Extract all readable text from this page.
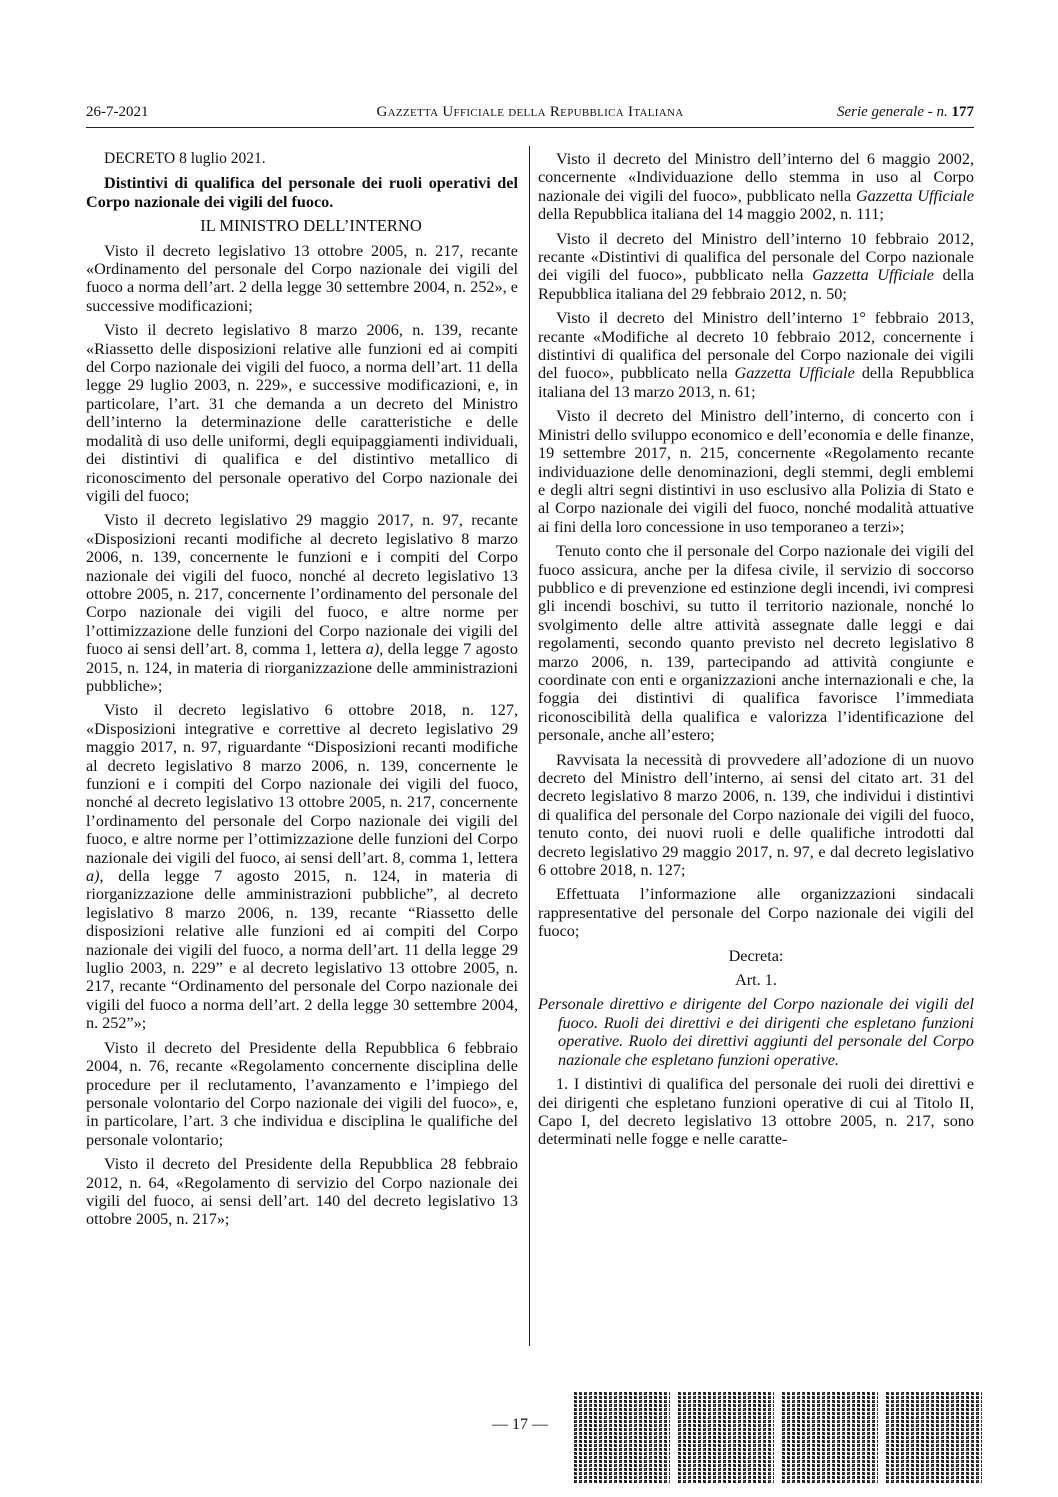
26-7-2021	Gazzetta Ufficiale della Repubblica Italiana	Serie generale - n. 177

DECRETO 8 luglio 2021.

Distintivi di qualifica del personale dei ruoli operativi del Corpo nazionale dei vigili del fuoco.

IL MINISTRO DELL’INTERNO

Visto il decreto legislativo 13 ottobre 2005, n. 217, recante «Ordinamento del personale del Corpo nazionale dei vigili del fuoco a norma dell’art. 2 della legge 30 settembre 2004, n. 252», e successive modificazioni;

Visto il decreto legislativo 8 marzo 2006, n. 139, recante «Riassetto delle disposizioni relative alle funzioni ed ai compiti del Corpo nazionale dei vigili del fuoco, a norma dell’art. 11 della legge 29 luglio 2003, n. 229», e successive modificazioni, e, in particolare, l’art. 31 che demanda a un decreto del Ministro dell’interno la determinazione delle caratteristiche e delle modalità di uso delle uniformi, degli equipaggiamenti individuali, dei distintivi di qualifica e del distintivo metallico di riconoscimento del personale operativo del Corpo nazionale dei vigili del fuoco;

Visto il decreto legislativo 29 maggio 2017, n. 97, recante «Disposizioni recanti modifiche al decreto legislativo 8 marzo 2006, n. 139, concernente le funzioni e i compiti del Corpo nazionale dei vigili del fuoco, nonché al decreto legislativo 13 ottobre 2005, n. 217, concernente l’ordinamento del personale del Corpo nazionale dei vigili del fuoco, e altre norme per l’ottimizzazione delle funzioni del Corpo nazionale dei vigili del fuoco ai sensi dell’art. 8, comma 1, lettera a), della legge 7 agosto 2015, n. 124, in materia di riorganizzazione delle amministrazioni pubbliche»;

Visto il decreto legislativo 6 ottobre 2018, n. 127, «Disposizioni integrative e correttive al decreto legislativo 29 maggio 2017, n. 97, riguardante “Disposizioni recanti modifiche al decreto legislativo 8 marzo 2006, n. 139, concernente le funzioni e i compiti del Corpo nazionale dei vigili del fuoco, nonché al decreto legislativo 13 ottobre 2005, n. 217, concernente l’ordinamento del personale del Corpo nazionale dei vigili del fuoco, e altre norme per l’ottimizzazione delle funzioni del Corpo nazionale dei vigili del fuoco, ai sensi dell’art. 8, comma 1, lettera a), della legge 7 agosto 2015, n. 124, in materia di riorganizzazione delle amministrazioni pubbliche”, al decreto legislativo 8 marzo 2006, n. 139, recante “Riassetto delle disposizioni relative alle funzioni ed ai compiti del Corpo nazionale dei vigili del fuoco, a norma dell’art. 11 della legge 29 luglio 2003, n. 229” e al decreto legislativo 13 ottobre 2005, n. 217, recante “Ordinamento del personale del Corpo nazionale dei vigili del fuoco a norma dell’art. 2 della legge 30 settembre 2004, n. 252”»;

Visto il decreto del Presidente della Repubblica 6 febbraio 2004, n. 76, recante «Regolamento concernente disciplina delle procedure per il reclutamento, l’avanzamento e l’impiego del personale volontario del Corpo nazionale dei vigili del fuoco», e, in particolare, l’art. 3 che individua e disciplina le qualifiche del personale volontario;

Visto il decreto del Presidente della Repubblica 28 febbraio 2012, n. 64, «Regolamento di servizio del Corpo nazionale dei vigili del fuoco, ai sensi dell’art. 140 del decreto legislativo 13 ottobre 2005, n. 217»;

Visto il decreto del Ministro dell’interno del 6 maggio 2002, concernente «Individuazione dello stemma in uso al Corpo nazionale dei vigili del fuoco», pubblicato nella Gazzetta Ufficiale della Repubblica italiana del 14 maggio 2002, n. 111;

Visto il decreto del Ministro dell’interno 10 febbraio 2012, recante «Distintivi di qualifica del personale del Corpo nazionale dei vigili del fuoco», pubblicato nella Gazzetta Ufficiale della Repubblica italiana del 29 febbraio 2012, n. 50;

Visto il decreto del Ministro dell’interno 1° febbraio 2013, recante «Modifiche al decreto 10 febbraio 2012, concernente i distintivi di qualifica del personale del Corpo nazionale dei vigili del fuoco», pubblicato nella Gazzetta Ufficiale della Repubblica italiana del 13 marzo 2013, n. 61;

Visto il decreto del Ministro dell’interno, di concerto con i Ministri dello sviluppo economico e dell’economia e delle finanze, 19 settembre 2017, n. 215, concernente «Regolamento recante individuazione delle denominazioni, degli stemmi, degli emblemi e degli altri segni distintivi in uso esclusivo alla Polizia di Stato e al Corpo nazionale dei vigili del fuoco, nonché modalità attuative ai fini della loro concessione in uso temporaneo a terzi»;

Tenuto conto che il personale del Corpo nazionale dei vigili del fuoco assicura, anche per la difesa civile, il servizio di soccorso pubblico e di prevenzione ed estinzione degli incendi, ivi compresi gli incendi boschivi, su tutto il territorio nazionale, nonché lo svolgimento delle altre attività assegnate dalle leggi e dai regolamenti, secondo quanto previsto nel decreto legislativo 8 marzo 2006, n. 139, partecipando ad attività congiunte e coordinate con enti e organizzazioni anche internazionali e che, la foggia dei distintivi di qualifica favorisce l’immediata riconoscibilità della qualifica e valorizza l’identificazione del personale, anche all’estero;

Ravvisata la necessità di provvedere all’adozione di un nuovo decreto del Ministro dell’interno, ai sensi del citato art. 31 del decreto legislativo 8 marzo 2006, n. 139, che individui i distintivi di qualifica del personale del Corpo nazionale dei vigili del fuoco, tenuto conto, dei nuovi ruoli e delle qualifiche introdotti dal decreto legislativo 29 maggio 2017, n. 97, e dal decreto legislativo 6 ottobre 2018, n. 127;

Effettuata l’informazione alle organizzazioni sindacali rappresentative del personale del Corpo nazionale dei vigili del fuoco;

Decreta:

Art. 1.

Personale direttivo e dirigente del Corpo nazionale dei vigili del fuoco. Ruoli dei direttivi e dei dirigenti che espletano funzioni operative. Ruolo dei direttivi aggiunti del personale del Corpo nazionale che espletano funzioni operative.

1. I distintivi di qualifica del personale dei ruoli dei direttivi e dei dirigenti che espletano funzioni operative di cui al Titolo II, Capo I, del decreto legislativo 13 ottobre 2005, n. 217, sono determinati nelle fogge e nelle caratte-

— 17 —
